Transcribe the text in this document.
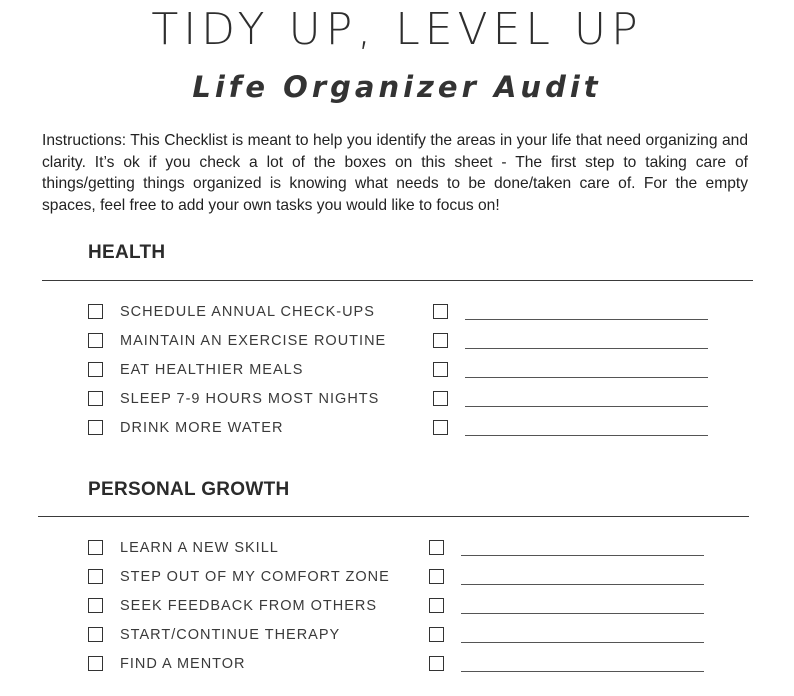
TIDY UP, LEVEL UP
Life Organizer Audit

Instructions: This Checklist is meant to help you identify the areas in your life that need organizing and clarity. It’s ok if you check a lot of the boxes on this sheet - The first step to taking care of things/getting things organized is knowing what needs to be done/taken care of. For the empty spaces, feel free to add your own tasks you would like to focus on!

HEALTH
SCHEDULE ANNUAL CHECK-UPS
MAINTAIN AN EXERCISE ROUTINE
EAT HEALTHIER MEALS
SLEEP 7-9 HOURS MOST NIGHTS
DRINK MORE WATER
PERSONAL GROWTH
LEARN A NEW SKILL
STEP OUT OF MY COMFORT ZONE
SEEK FEEDBACK FROM OTHERS
START/CONTINUE THERAPY
FIND A MENTOR
